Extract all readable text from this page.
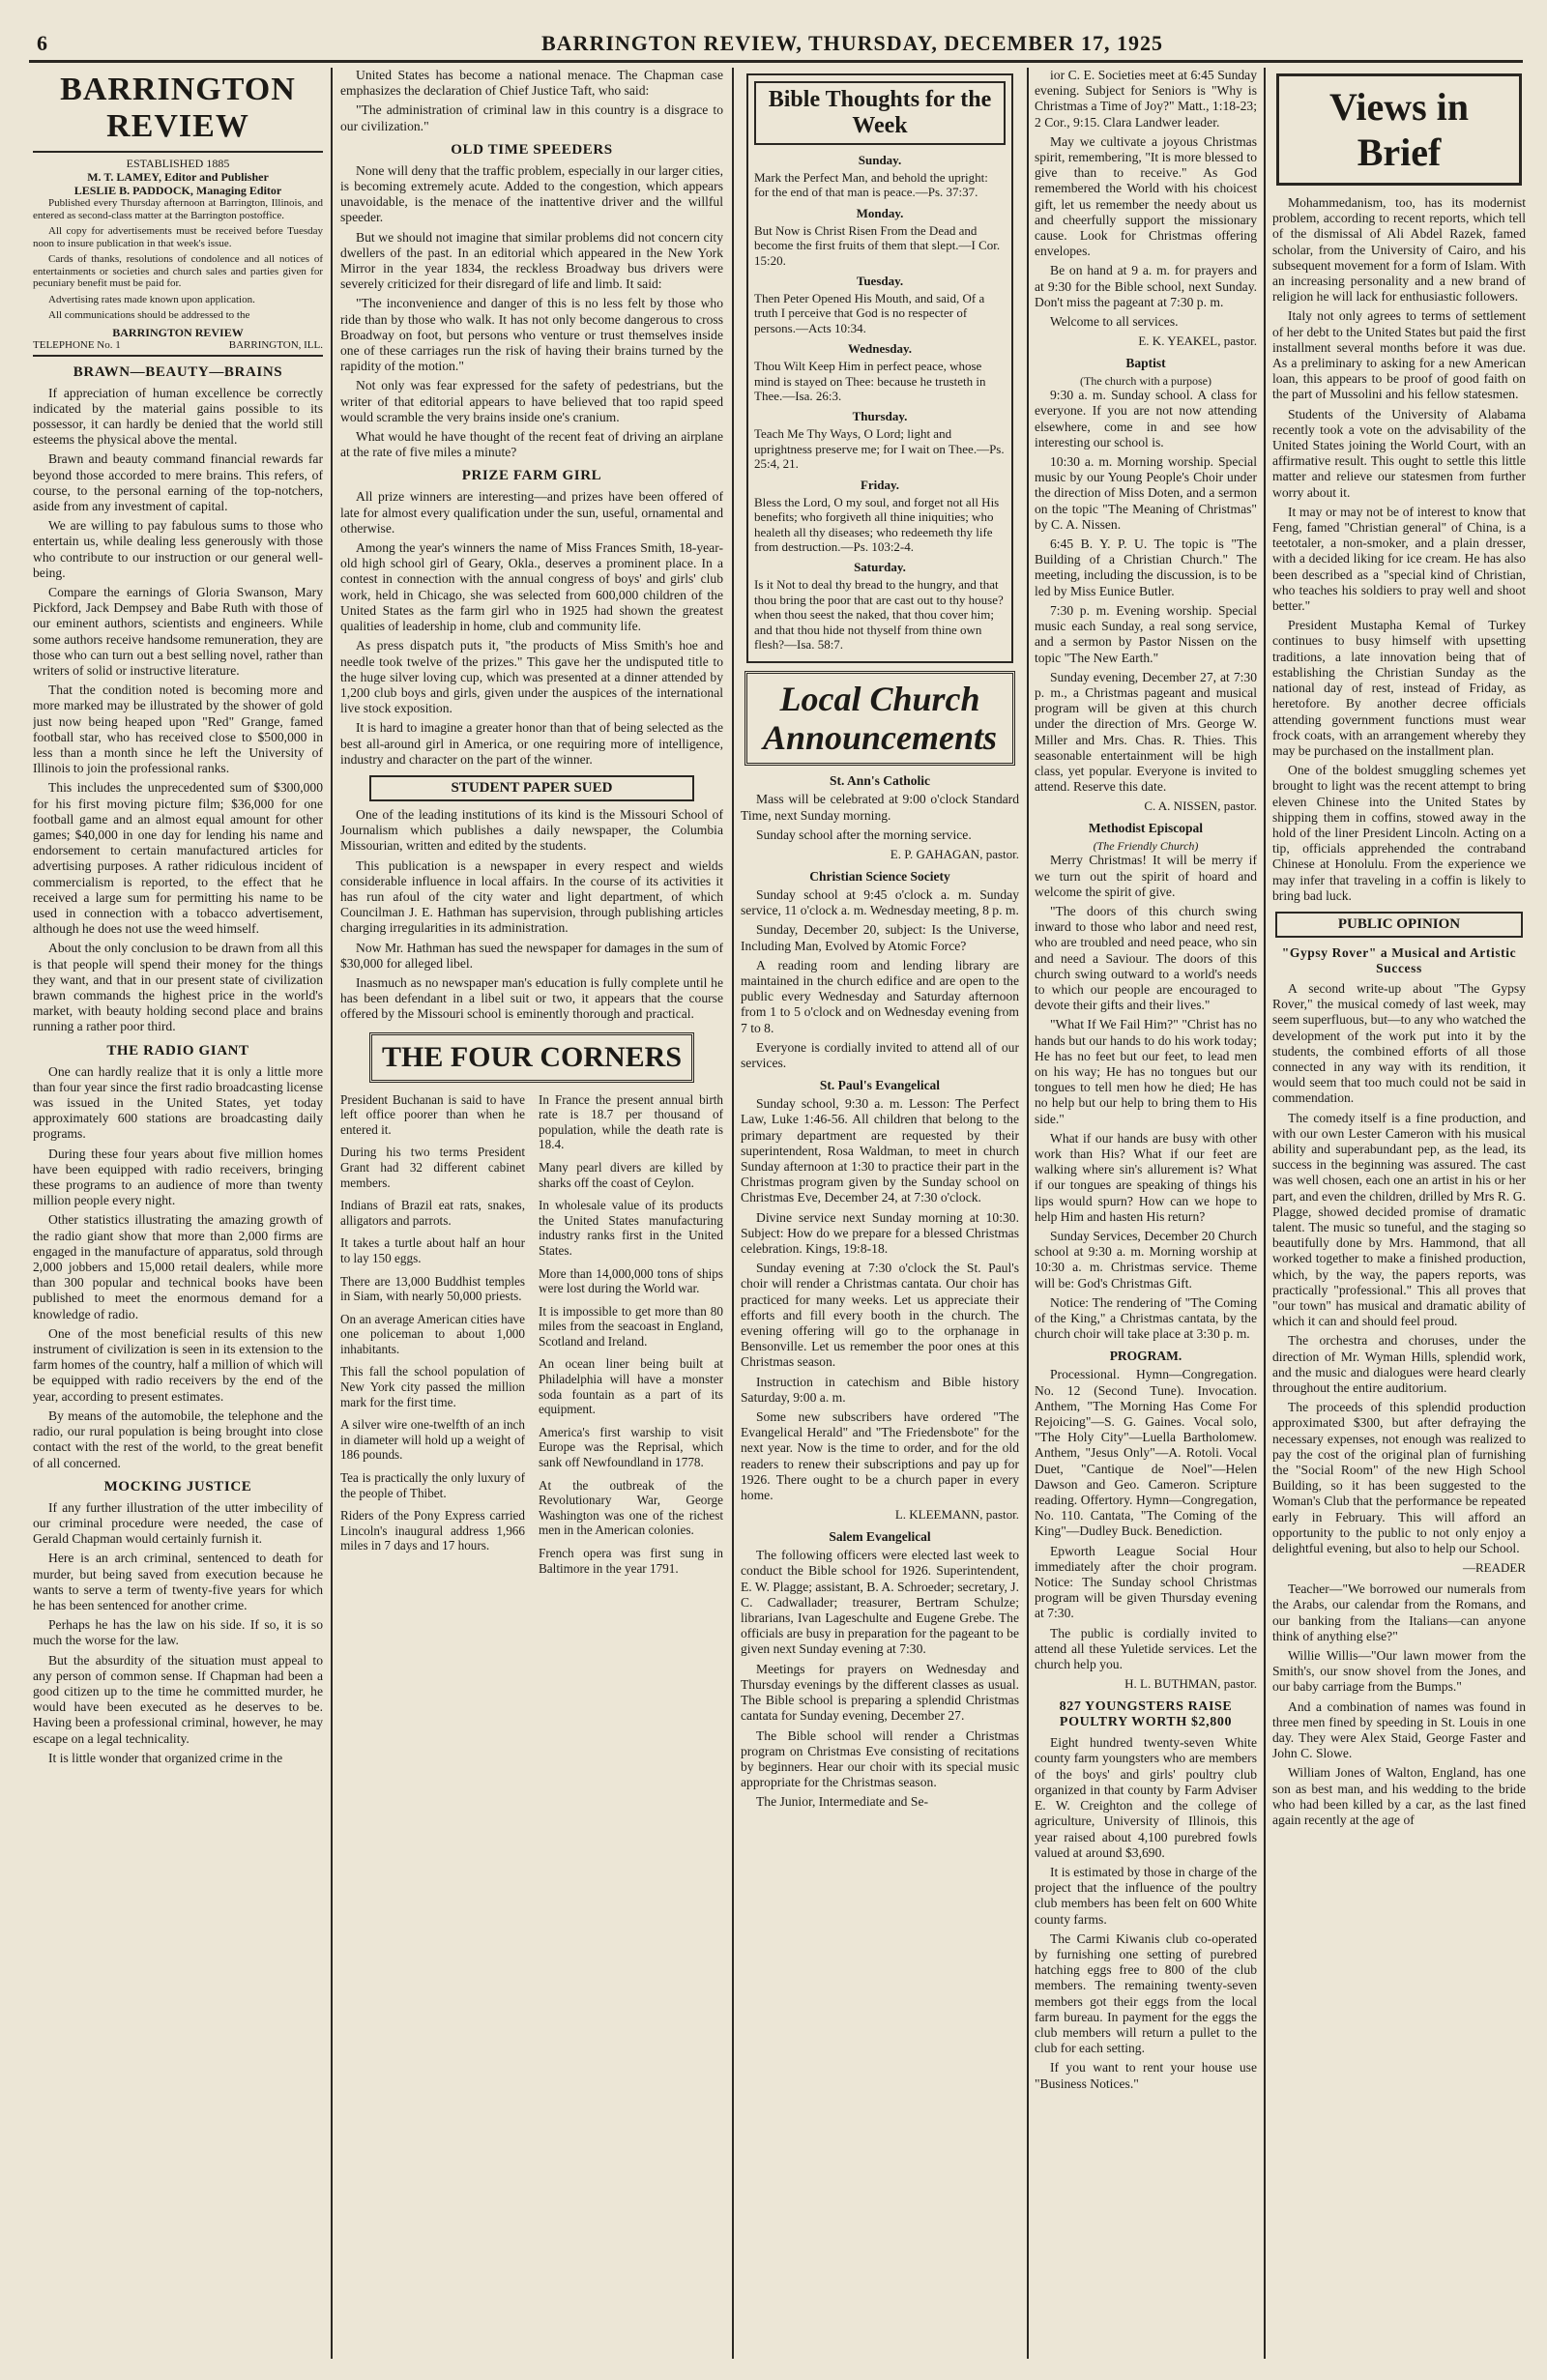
6	BARRINGTON REVIEW, THURSDAY, DECEMBER 17, 1925
BARRINGTON REVIEW
ESTABLISHED 1885
M. T. LAMEY, Editor and Publisher
LESLIE B. PADDOCK, Managing Editor

Published every Thursday afternoon at Barrington, Illinois, and entered as second-class matter at the Barrington postoffice.

All copy for advertisements must be received before Tuesday noon to insure publication in that week's issue.

Cards of thanks, resolutions of condolence and all notices of entertainments or societies and church sales and parties given for pecuniary benefit must be paid for.

Advertising rates made known upon application.

All communications should be addressed to the

BARRINGTON REVIEW
TELEPHONE No. 1	BARRINGTON, ILL.
BRAWN—BEAUTY—BRAINS

If appreciation of human excellence be correctly indicated by the material gains possible to its possessor, it can hardly be denied that the world still esteems the physical above the mental.

Brawn and beauty command financial rewards far beyond those accorded to mere brains. This refers, of course, to the personal earning of the top-notchers, aside from any investment of capital.

We are willing to pay fabulous sums to those who entertain us, while dealing less generously with those who contribute to our instruction or our general well-being.

Compare the earnings of Gloria Swanson, Mary Pickford, Jack Dempsey and Babe Ruth with those of our eminent authors, scientists and engineers. While some authors receive handsome remuneration, they are those who can turn out a best selling novel, rather than writers of solid or instructive literature.

That the condition noted is becoming more and more marked may be illustrated by the shower of gold just now being heaped upon "Red" Grange, famed football star, who has received close to $500,000 in less than a month since he left the University of Illinois to join the professional ranks.

This includes the unprecedented sum of $300,000 for his first moving picture film; $36,000 for one football game and an almost equal amount for other games; $40,000 in one day for lending his name and endorsement to certain manufactured articles for advertising purposes. A rather ridiculous incident of commercialism is reported, to the effect that he received a large sum for permitting his name to be used in connection with a tobacco advertisement, although he does not use the weed himself.

About the only conclusion to be drawn from all this is that people will spend their money for the things they want, and that in our present state of civilization brawn commands the highest price in the world's market, with beauty holding second place and brains running a rather poor third.

THE RADIO GIANT

One can hardly realize that it is only a little more than four year since the first radio broadcasting license was issued in the United States, yet today approximately 600 stations are broadcasting daily programs.

During these four years about five million homes have been equipped with radio receivers, bringing these programs to an audience of more than twenty million people every night.

Other statistics illustrating the amazing growth of the radio giant show that more than 2,000 firms are engaged in the manufacture of apparatus, sold through 2,000 jobbers and 15,000 retail dealers, while more than 300 popular and technical books have been published to meet the enormous demand for a knowledge of radio.

One of the most beneficial results of this new instrument of civilization is seen in its extension to the farm homes of the country, half a million of which will be equipped with radio receivers by the end of the year, according to present estimates.

By means of the automobile, the telephone and the radio, our rural population is being brought into close contact with the rest of the world, to the great benefit of all concerned.

MOCKING JUSTICE

If any further illustration of the utter imbecility of our criminal procedure were needed, the case of Gerald Chapman would certainly furnish it.

Here is an arch criminal, sentenced to death for murder, but being saved from execution because he wants to serve a term of twenty-five years for which he has been sentenced for another crime.

Perhaps he has the law on his side. If so, it is so much the worse for the law.

But the absurdity of the situation must appeal to any person of common sense. If Chapman had been a good citizen up to the time he committed murder, he would have been executed as he deserves to be. Having been a professional criminal, however, he may escape on a legal technicality.

It is little wonder that organized crime in the

United States has become a national menace. The Chapman case emphasizes the declaration of Chief Justice Taft, who said:

"The administration of criminal law in this country is a disgrace to our civilization."

OLD TIME SPEEDERS

None will deny that the traffic problem, especially in our larger cities, is becoming extremely acute. Added to the congestion, which appears unavoidable, is the menace of the inattentive driver and the willful speeder.

But we should not imagine that similar problems did not concern city dwellers of the past. In an editorial which appeared in the New York Mirror in the year 1834, the reckless Broadway bus drivers were severely criticized for their disregard of life and limb. It said:

"The inconvenience and danger of this is no less felt by those who ride than by those who walk. It has not only become dangerous to cross Broadway on foot, but persons who venture or trust themselves inside one of these carriages run the risk of having their brains turned by the rapidity of the motion."

Not only was fear expressed for the safety of pedestrians, but the writer of that editorial appears to have believed that too rapid speed would scramble the very brains inside one's cranium.

What would he have thought of the recent feat of driving an airplane at the rate of five miles a minute?

PRIZE FARM GIRL

All prize winners are interesting—and prizes have been offered of late for almost every qualification under the sun, useful, ornamental and otherwise.

Among the year's winners the name of Miss Frances Smith, 18-year-old high school girl of Geary, Okla., deserves a prominent place. In a contest in connection with the annual congress of boys' and girls' club work, held in Chicago, she was selected from 600,000 children of the United States as the farm girl who in 1925 had shown the greatest qualities of leadership in home, club and community life.

As press dispatch puts it, "the products of Miss Smith's hoe and needle took twelve of the prizes." This gave her the undisputed title to the huge silver loving cup, which was presented at a dinner attended by 1,200 club boys and girls, given under the auspices of the international live stock exposition.

It is hard to imagine a greater honor than that of being selected as the best all-around girl in America, or one requiring more of intelligence, industry and character on the part of the winner.

STUDENT PAPER SUED

One of the leading institutions of its kind is the Missouri School of Journalism which publishes a daily newspaper, the Columbia Missourian, written and edited by the students.

This publication is a newspaper in every respect and wields considerable influence in local affairs. In the course of its activities it has run afoul of the city water and light department, of which Councilman J. E. Hathman has supervision, through publishing articles charging irregularities in its administration.

Now Mr. Hathman has sued the newspaper for damages in the sum of $30,000 for alleged libel.

Inasmuch as no newspaper man's education is fully complete until he has been defendant in a libel suit or two, it appears that the course offered by the Missouri school is eminently thorough and practical.

THE FOUR CORNERS

President Buchanan is said to have left office poorer than when he entered it.

During his two terms President Grant had 32 different cabinet members.

Indians of Brazil eat rats, snakes, alligators and parrots.

It takes a turtle about half an hour to lay 150 eggs.

There are 13,000 Buddhist temples in Siam, with nearly 50,000 priests.

On an average American cities have one policeman to about 1,000 inhabitants.

This fall the school population of New York city passed the million mark for the first time.

A silver wire one-twelfth of an inch in diameter will hold up a weight of 186 pounds.

Tea is practically the only luxury of the people of Thibet.

Riders of the Pony Express carried Lincoln's inaugural address 1,966 miles in 7 days and 17 hours.

In France the present annual birth rate is 18.7 per thousand of population, while the death rate is 18.4.

Many pearl divers are killed by sharks off the coast of Ceylon.

In wholesale value of its products the United States manufacturing industry ranks first in the United States.

More than 14,000,000 tons of ships were lost during the World war.

It is impossible to get more than 80 miles from the seacoast in England, Scotland and Ireland.

An ocean liner being built at Philadelphia will have a monster soda fountain as a part of its equipment.

America's first warship to visit Europe was the Reprisal, which sank off Newfoundland in 1778.

At the outbreak of the Revolutionary War, George Washington was one of the richest men in the American colonies.

French opera was first sung in Baltimore in the year 1791.

Bible Thoughts for the Week
Sunday.

Mark the Perfect Man, and behold the upright: for the end of that man is peace.—Ps. 37:37.

Monday.

But Now is Christ Risen From the Dead and become the first fruits of them that slept.—I Cor. 15:20.

Tuesday.

Then Peter Opened His Mouth, and said, Of a truth I perceive that God is no respecter of persons.—Acts 10:34.

Wednesday.

Thou Wilt Keep Him in perfect peace, whose mind is stayed on Thee: because he trusteth in Thee.—Isa. 26:3.

Thursday.

Teach Me Thy Ways, O Lord; light and uprightness preserve me; for I wait on Thee.—Ps. 25:4, 21.

Friday.

Bless the Lord, O my soul, and forget not all His benefits; who forgiveth all thine iniquities; who healeth all thy diseases; who redeemeth thy life from destruction.—Ps. 103:2-4.

Saturday.

Is it Not to deal thy bread to the hungry, and that thou bring the poor that are cast out to thy house? when thou seest the naked, that thou cover him; and that thou hide not thyself from thine own flesh?—Isa. 58:7.

Local Church Announcements
St. Ann's Catholic

Mass will be celebrated at 9:00 o'clock Standard Time, next Sunday morning.

Sunday school after the morning service.

E. P. GAHAGAN, pastor.
Christian Science Society

Sunday school at 9:45 o'clock a. m. Sunday service, 11 o'clock a. m. Wednesday meeting, 8 p. m.

Sunday, December 20, subject: Is the Universe, Including Man, Evolved by Atomic Force?

A reading room and lending library are maintained in the church edifice and are open to the public every Wednesday and Saturday afternoon from 1 to 5 o'clock and on Wednesday evening from 7 to 8.

Everyone is cordially invited to attend all of our services.

St. Paul's Evangelical

Sunday school, 9:30 a. m. Lesson: The Perfect Law, Luke 1:46-56. All children that belong to the primary department are requested by their superintendent, Rosa Waldman, to meet in church Sunday afternoon at 1:30 to practice their part in the Christmas program given by the Sunday school on Christmas Eve, December 24, at 7:30 o'clock.

Divine service next Sunday morning at 10:30. Subject: How do we prepare for a blessed Christmas celebration. Kings, 19:8-18.

Sunday evening at 7:30 o'clock the St. Paul's choir will render a Christmas cantata. Our choir has practiced for many weeks. Let us appreciate their efforts and fill every booth in the church. The evening offering will go to the orphanage in Bensonville. Let us remember the poor ones at this Christmas season.

Instruction in catechism and Bible history Saturday, 9:00 a. m.

Some new subscribers have ordered "The Evangelical Herald" and "The Friedensbote" for the next year. Now is the time to order, and for the old readers to renew their subscriptions and pay up for 1926. There ought to be a church paper in every home.

L. KLEEMANN, pastor.
Salem Evangelical

The following officers were elected last week to conduct the Bible school for 1926. Superintendent, E. W. Plagge; assistant, B. A. Schroeder; secretary, J. C. Cadwallader; treasurer, Bertram Schulze; librarians, Ivan Lageschulte and Eugene Grebe. The officials are busy in preparation for the pageant to be given next Sunday evening at 7:30.

Meetings for prayers on Wednesday and Thursday evenings by the different classes as usual. The Bible school is preparing a splendid Christmas cantata for Sunday evening, December 27.

The Bible school will render a Christmas program on Christmas Eve consisting of recitations by beginners. Hear our choir with its special music appropriate for the Christmas season.

The Junior, Intermediate and Se-

ior C. E. Societies meet at 6:45 Sunday evening. Subject for Seniors is "Why is Christmas a Time of Joy?" Matt., 1:18-23; 2 Cor., 9:15. Clara Landwer leader.

May we cultivate a joyous Christmas spirit, remembering, "It is more blessed to give than to receive." As God remembered the World with his choicest gift, let us remember the needy about us and cheerfully support the missionary cause. Look for Christmas offering envelopes.

Be on hand at 9 a. m. for prayers and at 9:30 for the Bible school, next Sunday. Don't miss the pageant at 7:30 p. m.

Welcome to all services.

E. K. YEAKEL, pastor.
Baptist
(The church with a purpose)

9:30 a. m. Sunday school. A class for everyone. If you are not now attending elsewhere, come in and see how interesting our school is.

10:30 a. m. Morning worship. Special music by our Young People's Choir under the direction of Miss Doten, and a sermon on the topic "The Meaning of Christmas" by C. A. Nissen.

6:45 B. Y. P. U. The topic is "The Building of a Christian Church." The meeting, including the discussion, is to be led by Miss Eunice Butler.

7:30 p. m. Evening worship. Special music each Sunday, a real song service, and a sermon by Pastor Nissen on the topic "The New Earth."

Sunday evening, December 27, at 7:30 p. m., a Christmas pageant and musical program will be given at this church under the direction of Mrs. George W. Miller and Mrs. Chas. R. Thies. This seasonable entertainment will be high class, yet popular. Everyone is invited to attend. Reserve this date.

C. A. NISSEN, pastor.
Methodist Episcopal
(The Friendly Church)

Merry Christmas! It will be merry if we turn out the spirit of hoard and welcome the spirit of give.

"The doors of this church swing inward to those who labor and need rest, who are troubled and need peace, who sin and need a Saviour. The doors of this church swing outward to a world's needs to which our people are encouraged to devote their gifts and their lives."

"What If We Fail Him?" "Christ has no hands but our hands to do his work today; He has no feet but our feet, to lead men on his way; He has no tongues but our tongues to tell men how he died; He has no help but our help to bring them to His side."

What if our hands are busy with other work than His? What if our feet are walking where sin's allurement is? What if our tongues are speaking of things his lips would spurn? How can we hope to help Him and hasten His return?

Sunday Services, December 20 Church school at 9:30 a. m. Morning worship at 10:30 a. m. Christmas service. Theme will be: God's Christmas Gift.

Notice: The rendering of "The Coming of the King," a Christmas cantata, by the church choir will take place at 3:30 p. m.

PROGRAM.

Processional. Hymn—Congregation. No. 12 (Second Tune). Invocation. Anthem, "The Morning Has Come For Rejoicing"—S. G. Gaines. Vocal solo, "The Holy City"—Luella Bartholomew. Anthem, "Jesus Only"—A. Rotoli. Vocal Duet, "Cantique de Noel"—Helen Dawson and Geo. Cameron. Scripture reading. Offertory. Hymn—Congregation, No. 110. Cantata, "The Coming of the King"—Dudley Buck. Benediction.

Epworth League Social Hour immediately after the choir program. Notice: The Sunday school Christmas program will be given Thursday evening at 7:30.

The public is cordially invited to attend all these Yuletide services. Let the church help you.

H. L. BUTHMAN, pastor.
827 YOUNGSTERS RAISE POULTRY WORTH $2,800

Eight hundred twenty-seven White county farm youngsters who are members of the boys' and girls' poultry club organized in that county by Farm Adviser E. W. Creighton and the college of agriculture, University of Illinois, this year raised about 4,100 purebred fowls valued at around $3,690.

It is estimated by those in charge of the project that the influence of the poultry club members has been felt on 600 White county farms.

The Carmi Kiwanis club co-operated by furnishing one setting of purebred hatching eggs free to 800 of the club members. The remaining twenty-seven members got their eggs from the local farm bureau. In payment for the eggs the club members will return a pullet to the club for each setting.

If you want to rent your house use "Business Notices."

Views in Brief

Mohammedanism, too, has its modernist problem, according to recent reports, which tell of the dismissal of Ali Abdel Razek, famed scholar, from the University of Cairo, and his subsequent movement for a form of Islam. With an increasing personality and a new brand of religion he will lack for enthusiastic followers.

Italy not only agrees to terms of settlement of her debt to the United States but paid the first installment several months before it was due. As a preliminary to asking for a new American loan, this appears to be proof of good faith on the part of Mussolini and his fellow statesmen.

Students of the University of Alabama recently took a vote on the advisability of the United States joining the World Court, with an affirmative result. This ought to settle this little matter and relieve our statesmen from further worry about it.

It may or may not be of interest to know that Feng, famed "Christian general" of China, is a teetotaler, a non-smoker, and a plain dresser, with a decided liking for ice cream. He has also been described as a "special kind of Christian, who teaches his soldiers to pray well and shoot better."

President Mustapha Kemal of Turkey continues to busy himself with upsetting traditions, a late innovation being that of establishing the Christian Sunday as the national day of rest, instead of Friday, as heretofore. By another decree officials attending government functions must wear frock coats, with an arrangement whereby they may be purchased on the installment plan.

One of the boldest smuggling schemes yet brought to light was the recent attempt to bring eleven Chinese into the United States by shipping them in coffins, stowed away in the hold of the liner President Lincoln. Acting on a tip, officials apprehended the contraband Chinese at Honolulu. From the experience we may infer that traveling in a coffin is likely to bring bad luck.

PUBLIC OPINION
"Gypsy Rover" a Musical and Artistic Success

A second write-up about "The Gypsy Rover," the musical comedy of last week, may seem superfluous, but—to any who watched the development of the work put into it by the students, the combined efforts of all those connected in any way with its rendition, it would seem that too much could not be said in commendation.

The comedy itself is a fine production, and with our own Lester Cameron with his musical ability and superabundant pep, as the lead, its success in the beginning was assured. The cast was well chosen, each one an artist in his or her part, and even the children, drilled by Mrs R. G. Plagge, showed decided promise of dramatic talent. The music so tuneful, and the staging so beautifully done by Mrs. Hammond, that all worked together to make a finished production, which, by the way, the papers reports, was practically "professional." This all proves that "our town" has musical and dramatic ability of which it can and should feel proud.

The orchestra and choruses, under the direction of Mr. Wyman Hills, splendid work, and the music and dialogues were heard clearly throughout the entire auditorium.

The proceeds of this splendid production approximated $300, but after defraying the necessary expenses, not enough was realized to pay the cost of the original plan of furnishing the "Social Room" of the new High School Building, so it has been suggested to the Woman's Club that the performance be repeated early in February. This will afford an opportunity to the public to not only enjoy a delightful evening, but also to help our School.

—READER

Teacher—"We borrowed our numerals from the Arabs, our calendar from the Romans, and our banking from the Italians—can anyone think of anything else?"

Willie Willis—"Our lawn mower from the Smith's, our snow shovel from the Jones, and our baby carriage from the Bumps."

And a combination of names was found in three men fined by speeding in St. Louis in one day. They were Alex Staid, George Faster and John C. Slowe.

William Jones of Walton, England, has one son as best man, and his wedding to the bride who had been killed by a car, as the last fined again recently at the age of
